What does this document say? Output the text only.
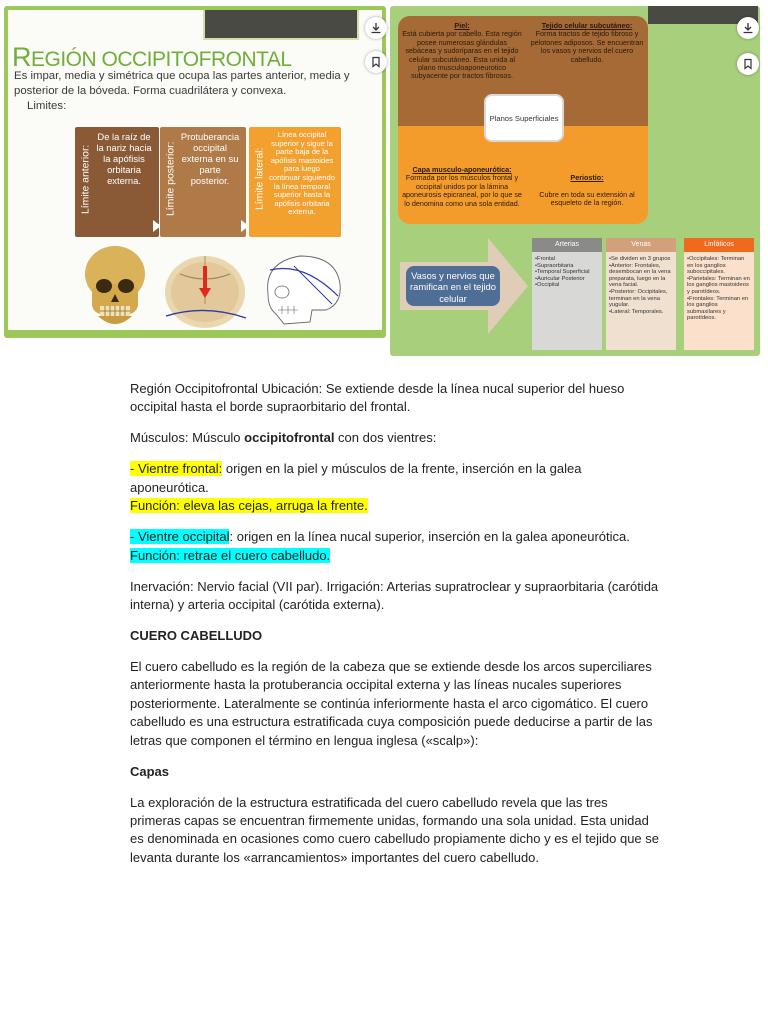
REGIÓN OCCIPITOFRONTAL
Es impar, media y simétrica que ocupa las partes anterior, media y posterior de la bóveda. Forma cuadrilátera y convexa.
Limites:
Límite anterior:
De la raíz de la nariz hacia la apófisis orbitaria externa.	Límite posterior:
Protuberancia occipital externa en su parte posterior.	Límite lateral:
Línea occipital superior y sigue la parte baja de la apófisis mastoides para luego continuar siguiendo la línea temporal superior hasta la apófisis orbitaria externa.
Piel:
Está cubierta por cabello. Esta región posee numerosas glándulas sebáceas y sudoríparas en el tejido celular subcutáneo. Esta unida al plano musculoaponeurotico subyacente por tractos fibrosos.
Tejido celular subcutáneo:
Forma tractos de tejido fibroso y pelotones adiposos. Se encuentran los vasos y nervios del cuero cabelludo.
Capa musculo-aponeurótica:
Formada por los músculos frontal y occipital unidos por la lámina aponeurosis epicraneal, por lo que se lo denomina como una sola entidad.
Periostio:

Cubre en toda su extensión al esqueleto de la región.
Planos Superficiales
Vasos y nervios que ramifican en el tejido celular
Arterias
•Frontal
•Supraorbitaria
•Temporal Superficial
•Auricular Posterior
•Occipital
Venas
•Se dividen en 3 grupos
•Anterior: Frontales, desembocan en la vena preparata, luego en la vena facial.
•Posterior: Occipitales, terminan en la vena yugular.
•Lateral: Temporales.
Linfáticos
•Occipitales: Terminan en los ganglios suboccipitales.
•Parietales: Terminan en los ganglios mastoideos y parotídeos.
•Frontales: Terminan en los ganglios submaxilares y parotídeos.

Región Occipitofrontal Ubicación: Se extiende desde la línea nucal superior del hueso occipital hasta el borde supraorbitario del frontal.

Músculos: Músculo occipitofrontal con dos vientres:

- Vientre frontal: origen en la piel y músculos de la frente, inserción en la galea aponeurótica.
Función: eleva las cejas, arruga la frente.

- Vientre occipital: origen en la línea nucal superior, inserción en la galea aponeurótica.
Función: retrae el cuero cabelludo.

Inervación: Nervio facial (VII par). Irrigación: Arterias supratroclear y supraorbitaria (carótida interna) y arteria occipital (carótida externa).

CUERO CABELLUDO

El cuero cabelludo es la región de la cabeza que se extiende desde los arcos superciliares anteriormente hasta la protuberancia occipital externa y las líneas nucales superiores posteriormente. Lateralmente se continúa inferiormente hasta el arco cigomático. El cuero cabelludo es una estructura estratificada cuya composición puede deducirse a partir de las letras que componen el término en lengua inglesa («scalp»):

Capas

La exploración de la estructura estratificada del cuero cabelludo revela que las tres primeras capas se encuentran firmemente unidas, formando una sola unidad. Esta unidad es denominada en ocasiones como cuero cabelludo propiamente dicho y es el tejido que se levanta durante los «arrancamientos» importantes del cuero cabelludo.
